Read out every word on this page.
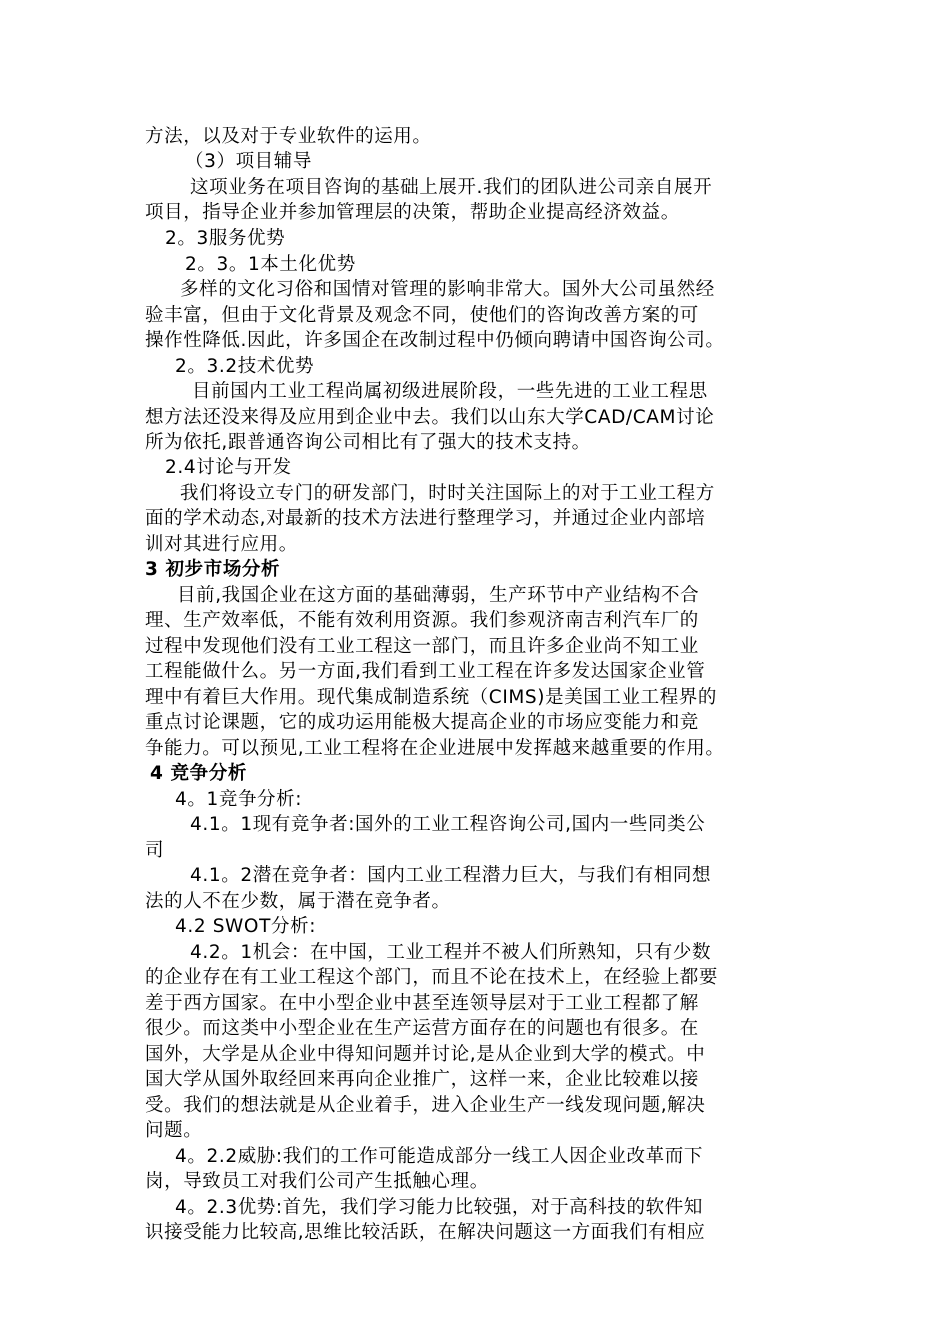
方法，以及对于专业软件的运用。
（3）项目辅导
这项业务在项目咨询的基础上展开.我们的团队进公司亲自展开
项目，指导企业并参加管理层的决策，帮助企业提高经济效益。
2。3服务优势
2。3。1本土化优势
多样的文化习俗和国情对管理的影响非常大。国外大公司虽然经
验丰富，但由于文化背景及观念不同，使他们的咨询改善方案的可
操作性降低.因此，许多国企在改制过程中仍倾向聘请中国咨询公司。
2。3.2技术优势
目前国内工业工程尚属初级进展阶段，一些先进的工业工程思
想方法还没来得及应用到企业中去。我们以山东大学CAD/CAM讨论
所为依托,跟普通咨询公司相比有了强大的技术支持。
2.4讨论与开发
我们将设立专门的研发部门，时时关注国际上的对于工业工程方
面的学术动态,对最新的技术方法进行整理学习，并通过企业内部培
训对其进行应用。
3 初步市场分析
目前,我国企业在这方面的基础薄弱，生产环节中产业结构不合
理、生产效率低，不能有效利用资源。我们参观济南吉利汽车厂的
过程中发现他们没有工业工程这一部门，而且许多企业尚不知工业
工程能做什么。另一方面,我们看到工业工程在许多发达国家企业管
理中有着巨大作用。现代集成制造系统（CIMS)是美国工业工程界的
重点讨论课题，它的成功运用能极大提高企业的市场应变能力和竞
争能力。可以预见,工业工程将在企业进展中发挥越来越重要的作用。
4 竞争分析
4。1竞争分析:
4.1。1现有竞争者:国外的工业工程咨询公司,国内一些同类公
司
4.1。2潜在竞争者：国内工业工程潜力巨大，与我们有相同想
法的人不在少数，属于潜在竞争者。
4.2 SWOT分析:
4.2。1机会：在中国，工业工程并不被人们所熟知，只有少数
的企业存在有工业工程这个部门，而且不论在技术上，在经验上都要
差于西方国家。在中小型企业中甚至连领导层对于工业工程都了解
很少。而这类中小型企业在生产运营方面存在的问题也有很多。在
国外，大学是从企业中得知问题并讨论,是从企业到大学的模式。中
国大学从国外取经回来再向企业推广，这样一来，企业比较难以接
受。我们的想法就是从企业着手，进入企业生产一线发现问题,解决
问题。
4。2.2威胁:我们的工作可能造成部分一线工人因企业改革而下
岗，导致员工对我们公司产生抵触心理。
4。2.3优势:首先，我们学习能力比较强，对于高科技的软件知
识接受能力比较高,思维比较活跃，在解决问题这一方面我们有相应
